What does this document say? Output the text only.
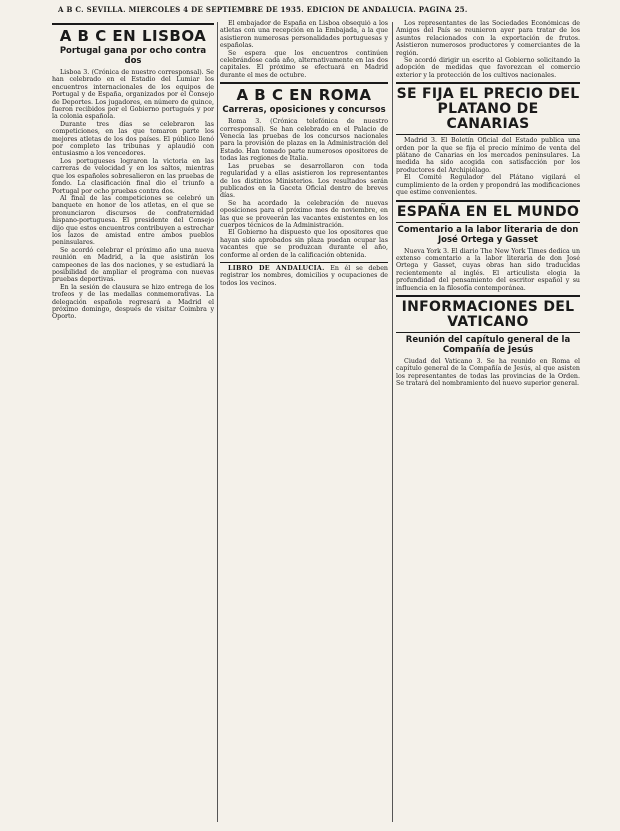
A B C. SEVILLA. MIERCOLES 4 DE SEPTIEMBRE DE 1935. EDICION DE ANDALUCIA. PAGINA 25.
A B C EN LISBOA
Portugal gana por ocho contra dos

Lisboa 3. (Crónica de nuestro corresponsal). Se han celebrado en el Estadio del Lumiar los encuentros internacionales de los equipos de Portugal y de España, organizados por el Consejo de Deportes. Los jugadores, en número de quince, fueron recibidos por el Gobierno portugués y por la colonia española.

Durante tres días se celebraron las competiciones, en las que tomaron parte los mejores atletas de los dos países. El público llenó por completo las tribunas y aplaudió con entusiasmo a los vencedores.

Los portugueses lograron la victoria en las carreras de velocidad y en los saltos, mientras que los españoles sobresalieron en las pruebas de fondo. La clasificación final dio el triunfo a Portugal por ocho pruebas contra dos.

Al final de las competiciones se celebró un banquete en honor de los atletas, en el que se pronunciaron discursos de confraternidad hispano-portuguesa. El presidente del Consejo dijo que estos encuentros contribuyen a estrechar los lazos de amistad entre ambos pueblos peninsulares.

Se acordó celebrar el próximo año una nueva reunión en Madrid, a la que asistirán los campeones de las dos naciones, y se estudiará la posibilidad de ampliar el programa con nuevas pruebas deportivas.

En la sesión de clausura se hizo entrega de los trofeos y de las medallas conmemorativas. La delegación española regresará a Madrid el próximo domingo, después de visitar Coimbra y Oporto.

El embajador de España en Lisboa obsequió a los atletas con una recepción en la Embajada, a la que asistieron numerosas personalidades portuguesas y españolas.

Se espera que los encuentros continúen celebrándose cada año, alternativamente en las dos capitales. El próximo se efectuará en Madrid durante el mes de octubre.

A B C EN ROMA
Carreras, oposiciones y concursos

Roma 3. (Crónica telefónica de nuestro corresponsal). Se han celebrado en el Palacio de Venecia las pruebas de los concursos nacionales para la provisión de plazas en la Administración del Estado. Han tomado parte numerosos opositores de todas las regiones de Italia.

Las pruebas se desarrollaron con toda regularidad y a ellas asistieron los representantes de los distintos Ministerios. Los resultados serán publicados en la Gaceta Oficial dentro de breves días.

Se ha acordado la celebración de nuevas oposiciones para el próximo mes de noviembre, en las que se proveerán las vacantes existentes en los cuerpos técnicos de la Administración.

El Gobierno ha dispuesto que los opositores que hayan sido aprobados sin plaza puedan ocupar las vacantes que se produzcan durante el año, conforme al orden de la calificación obtenida.

LIBRO DE ANDALUCIA. En él se deben registrar los nombres, domicilios y ocupaciones de todos los vecinos.

Los representantes de las Sociedades Económicas de Amigos del País se reunieron ayer para tratar de los asuntos relacionados con la exportación de frutos. Asistieron numerosos productores y comerciantes de la región.

Se acordó dirigir un escrito al Gobierno solicitando la adopción de medidas que favorezcan el comercio exterior y la protección de los cultivos nacionales.

SE FIJA EL PRECIO DEL PLATANO DE CANARIAS

Madrid 3. El Boletín Oficial del Estado publica una orden por la que se fija el precio mínimo de venta del plátano de Canarias en los mercados peninsulares. La medida ha sido acogida con satisfacción por los productores del Archipiélago.

El Comité Regulador del Plátano vigilará el cumplimiento de la orden y propondrá las modificaciones que estime convenientes.

ESPAÑA EN EL MUNDO
Comentario a la labor literaria de don José Ortega y Gasset

Nueva York 3. El diario The New York Times dedica un extenso comentario a la labor literaria de don José Ortega y Gasset, cuyas obras han sido traducidas recientemente al inglés. El articulista elogia la profundidad del pensamiento del escritor español y su influencia en la filosofía contemporánea.

INFORMACIONES DEL VATICANO
Reunión del capítulo general de la Compañía de Jesús

Ciudad del Vaticano 3. Se ha reunido en Roma el capítulo general de la Compañía de Jesús, al que asisten los representantes de todas las provincias de la Orden. Se tratará del nombramiento del nuevo superior general.
